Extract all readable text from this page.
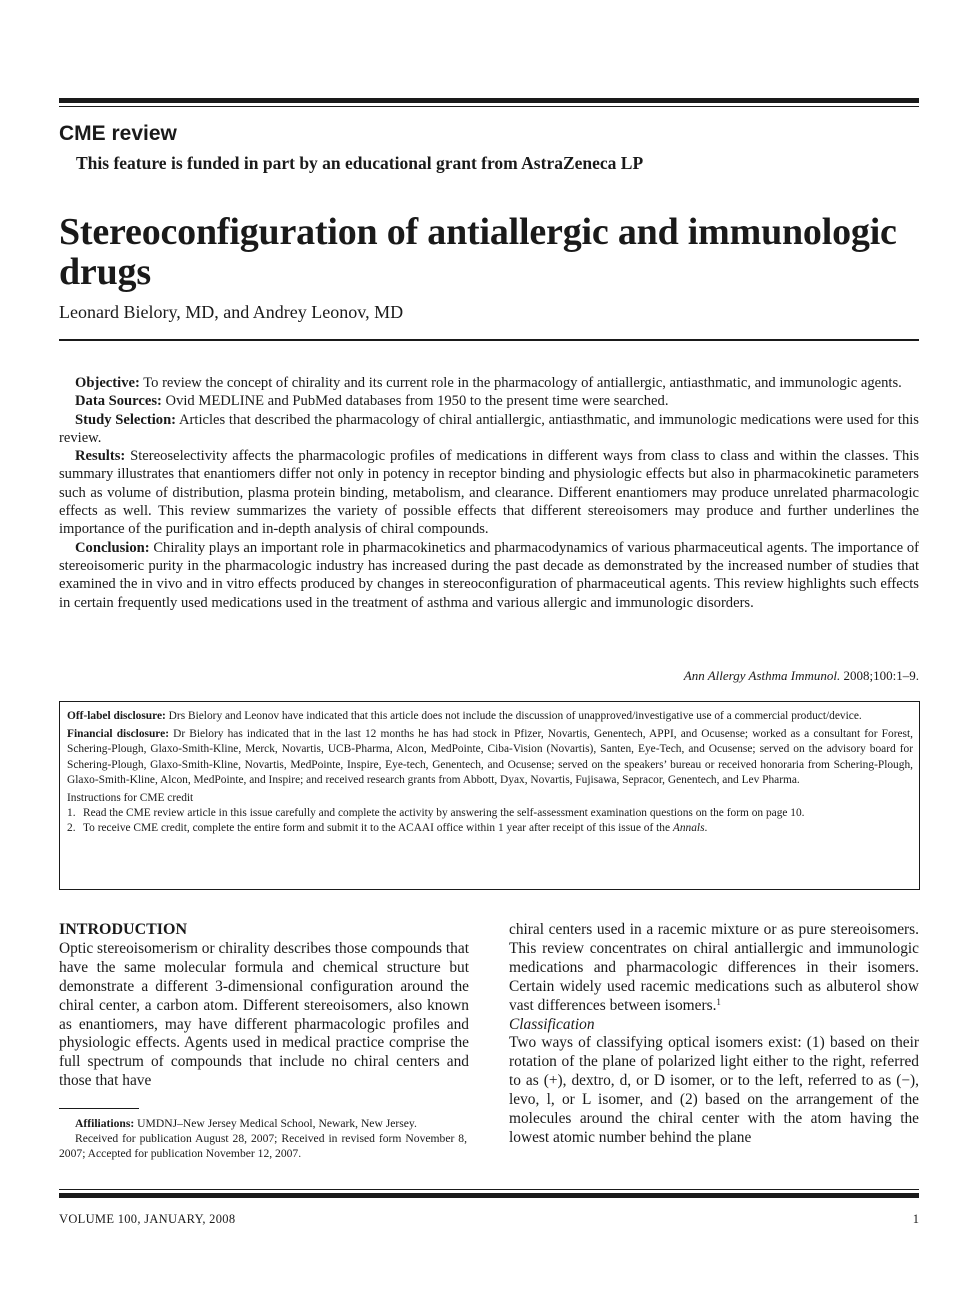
CME review
This feature is funded in part by an educational grant from AstraZeneca LP
Stereoconfiguration of antiallergic and immunologic drugs
Leonard Bielory, MD, and Andrey Leonov, MD

Objective: To review the concept of chirality and its current role in the pharmacology of antiallergic, antiasthmatic, and immunologic agents.

Data Sources: Ovid MEDLINE and PubMed databases from 1950 to the present time were searched.

Study Selection: Articles that described the pharmacology of chiral antiallergic, antiasthmatic, and immunologic medications were used for this review.

Results: Stereoselectivity affects the pharmacologic profiles of medications in different ways from class to class and within the classes. This summary illustrates that enantiomers differ not only in potency in receptor binding and physiologic effects but also in pharmacokinetic parameters such as volume of distribution, plasma protein binding, metabolism, and clearance. Different enantiomers may produce unrelated pharmacologic effects as well. This review summarizes the variety of possible effects that different stereoisomers may produce and further underlines the importance of the purification and in-depth analysis of chiral compounds.

Conclusion: Chirality plays an important role in pharmacokinetics and pharmacodynamics of various pharmaceutical agents. The importance of stereoisomeric purity in the pharmacologic industry has increased during the past decade as demonstrated by the increased number of studies that examined the in vivo and in vitro effects produced by changes in stereoconfiguration of pharmaceutical agents. This review highlights such effects in certain frequently used medications used in the treatment of asthma and various allergic and immunologic disorders.

Ann Allergy Asthma Immunol. 2008;100:1–9.

Off-label disclosure: Drs Bielory and Leonov have indicated that this article does not include the discussion of unapproved/investigative use of a commercial product/device.

Financial disclosure: Dr Bielory has indicated that in the last 12 months he has had stock in Pfizer, Novartis, Genentech, APPI, and Ocusense; worked as a consultant for Forest, Schering-Plough, Glaxo-Smith-Kline, Merck, Novartis, UCB-Pharma, Alcon, MedPointe, Ciba-Vision (Novartis), Santen, Eye-Tech, and Ocusense; served on the advisory board for Schering-Plough, Glaxo-Smith-Kline, Novartis, MedPointe, Inspire, Eye-tech, Genentech, and Ocusense; served on the speakers’ bureau or received honoraria from Schering-Plough, Glaxo-Smith-Kline, Alcon, MedPointe, and Inspire; and received research grants from Abbott, Dyax, Novartis, Fujisawa, Sepracor, Genentech, and Lev Pharma.

Instructions for CME credit

1. Read the CME review article in this issue carefully and complete the activity by answering the self-assessment examination questions on the form on page 10.
2. To receive CME credit, complete the entire form and submit it to the ACAAI office within 1 year after receipt of this issue of the Annals.

INTRODUCTION

Optic stereoisomerism or chirality describes those compounds that have the same molecular formula and chemical structure but demonstrate a different 3-dimensional configuration around the chiral center, a carbon atom. Different stereoisomers, also known as enantiomers, may have different pharmacologic profiles and physiologic effects. Agents used in medical practice comprise the full spectrum of compounds that include no chiral centers and those that have

chiral centers used in a racemic mixture or as pure stereoisomers. This review concentrates on chiral antiallergic and immunologic medications and pharmacologic differences in their isomers. Certain widely used racemic medications such as albuterol show vast differences between isomers.$^1$

Classification

Two ways of classifying optical isomers exist: (1) based on their rotation of the plane of polarized light either to the right, referred to as (+), dextro, d, or D isomer, or to the left, referred to as (−), levo, l, or L isomer, and (2) based on the arrangement of the molecules around the chiral center with the atom having the lowest atomic number behind the plane

Affiliations: UMDNJ–New Jersey Medical School, Newark, New Jersey.

Received for publication August 28, 2007; Received in revised form November 8, 2007; Accepted for publication November 12, 2007.

VOLUME 100, JANUARY, 2008	1
